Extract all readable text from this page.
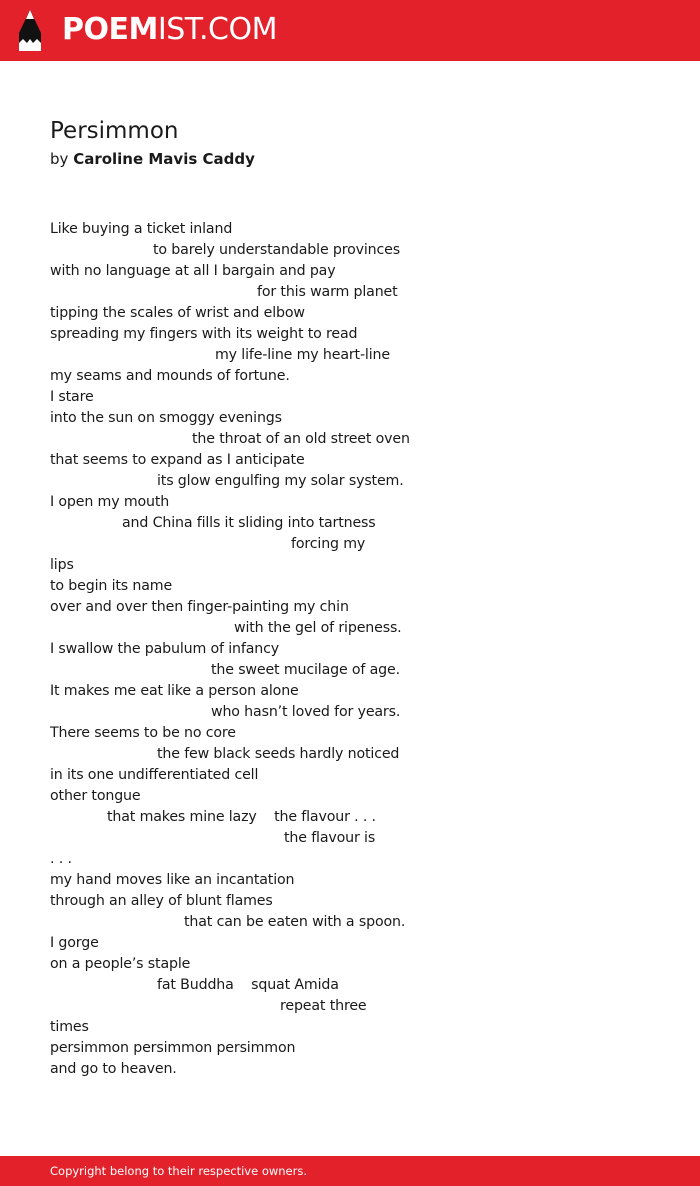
POEMIST.COM
Persimmon
by Caroline Mavis Caddy
Like buying a ticket inland
to barely understandable provinces
with no language at all I bargain and pay
for this warm planet
tipping the scales of wrist and elbow
spreading my fingers with its weight to read
my life-line my heart-line
my seams and mounds of fortune.
I stare
into the sun on smoggy evenings
the throat of an old street oven
that seems to expand as I anticipate
its glow engulfing my solar system.
I open my mouth
and China fills it sliding into tartness
forcing my
lips
to begin its name
over and over then finger-painting my chin
with the gel of ripeness.
I swallow the pabulum of infancy
the sweet mucilage of age.
It makes me eat like a person alone
who hasn’t loved for years.
There seems to be no core
the few black seeds hardly noticed
in its one undifferentiated cell
other tongue
that makes mine lazy    the flavour . . .
the flavour is
. . .
my hand moves like an incantation
through an alley of blunt flames
that can be eaten with a spoon.
I gorge
on a people’s staple
fat Buddha    squat Amida
repeat three
times
persimmon persimmon persimmon
and go to heaven.
Copyright belong to their respective owners.
